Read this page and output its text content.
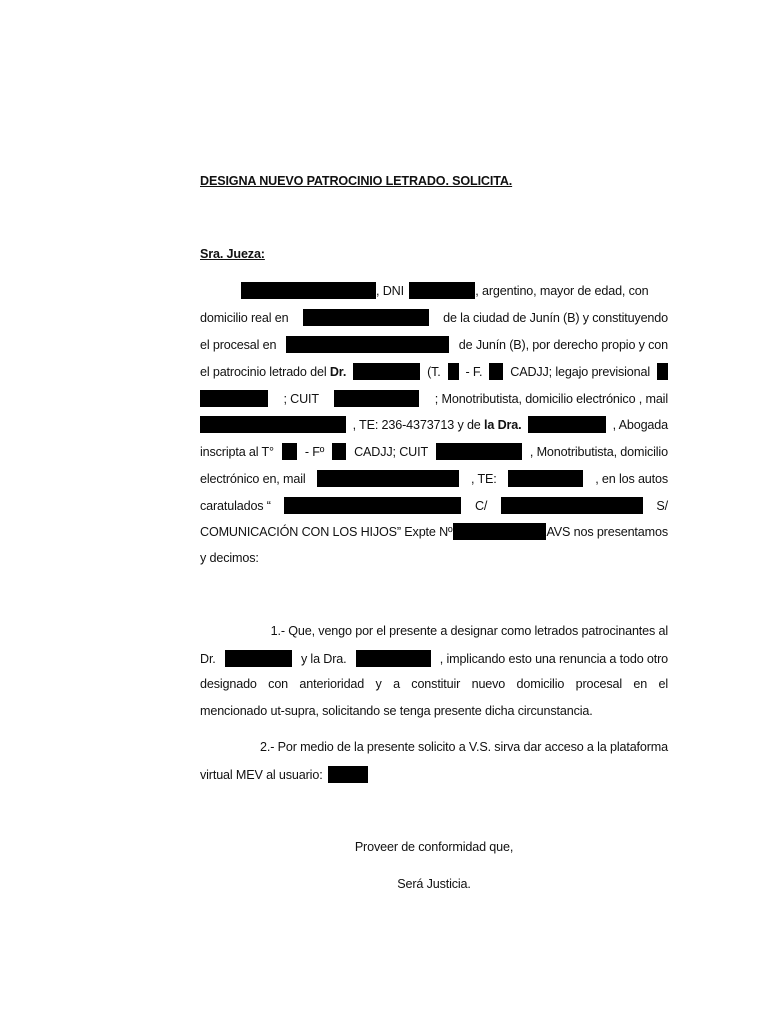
DESIGNA NUEVO PATROCINIO LETRADO. SOLICITA.
Sra. Jueza:
, DNI	, argentino, mayor de edad, con
domicilio real en	de la ciudad de Junín (B) y constituyendo
el procesal en	de Junín (B), por derecho propio y con
el patrocinio letrado del Dr.	(T. - F. CADJJ; legajo previsional
; CUIT	; Monotributista, domicilio electrónico , mail
, TE: 236-4373713 y de la Dra.	, Abogada
inscripta al T° - Fº CADJJ; CUIT	, Monotributista, domicilio
electrónico en, mail	, TE:	, en los autos
caratulados “	C/	S/
COMUNICACIÓN CON LOS HIJOS” Expte Nº	AVS nos presentamos
y decimos:
1.- Que, vengo por el presente a designar como letrados patrocinantes al
Dr.	y la Dra.	, implicando esto una renuncia a todo otro
designado con anterioridad y a constituir nuevo domicilio procesal en el
mencionado ut-supra, solicitando se tenga presente dicha circunstancia.
2.- Por medio de la presente solicito a V.S. sirva dar acceso a la plataforma
virtual MEV al usuario:
Proveer de conformidad que,
Será Justicia.
